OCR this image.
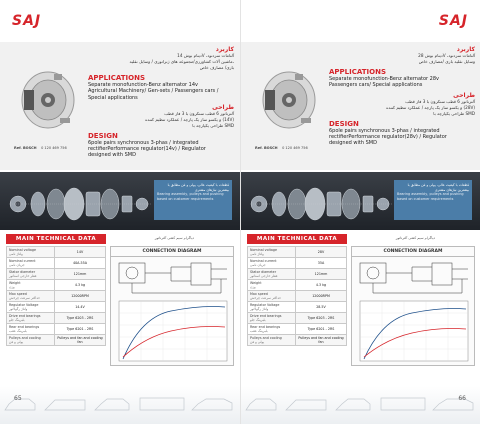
SAJ

Ref. BOSCH 0 120 469 756
کاربرد
دینام بوش 14V ،آلتامات سردنود
ماشین آلات کشاورزی/مجموعه های ژنراتوری / وسایل نقلیه،
باری/ مصارف خاص
APPLICATIONS
Separate monofunction-Benz alternator 14v
Agricultural Machinery/ Gen-sets / Passengers cars /
Special applications
طراحی
آلترناتور 6 قطب سنکرون با 3 فاز قطب
و یکسو ساز یک پارچه / عملکرد تنظیم کننده (14V)
طراحی یکپارچه با SMD
DESIGN
6pole pairs synchronous 3-phas / integrated
rectifierPerformance regulator(14v) / Regulator
designed with SMD
قطعات با کیفیت عالی، پولی و فن مطابق با بیشترین نیازهای مشتری
Bearing assembly, pulleys and pushing based on customer requirements
MAIN TECHNICAL DATA	دیاگرام سیم کشی آلترناتور
Nominal voltage
ولتاژ نامی	14V

Nominal current
جریان نامی	40A-55A

Stator diameter
قطر خارجی استاتور	121mm

Weight
وزن	4.3 kg

Max speed
حداکثر سرعت چرخش	12000RPM

Regulator Voltage
ولتاژ رگولاتور	14.4V

Drive end bearings
بلبرینگ جلو	Type 6203 - 2RS

Rear end bearings
بلبرینگ عقب	Type 6201 - 2RS

Pulleys and cooling
پولی و فن	Pulleys and fan and cooling fan
CONNECTION DIAGRAM
65
SAJ

Ref. BOSCH 0 120 469 756
کاربرد
دینام بوش 28V ،آلتامات سردنود
وسایل نقلیه باری /مصارف خاص
APPLICATIONS
Separate monofunction-Benz alternator 28v
Passengers cars/ Special applications
طراحی
آلترناتور 6 قطب سنکرون با 3 فاز قطب
و یکسو ساز یک پارچه / عملکرد تنظیم کننده (28V)
طراحی یکپارچه با SMD
DESIGN
6pole pairs synchronous 3-phas / integrated
rectifierPerformance regulator(28v) / Regulator
designed with SMD
قطعات با کیفیت عالی، پولی و فن مطابق با بیشترین نیازهای مشتری
Bearing assembly, pulleys and pushing based on customer requirements
MAIN TECHNICAL DATA	دیاگرام سیم کشی آلترناتور
Nominal voltage
ولتاژ نامی	28V

Nominal current
جریان نامی	35A

Stator diameter
قطر خارجی استاتور	121mm

Weight
وزن	4.3 kg

Max speed
حداکثر سرعت چرخش	12000RPM

Regulator Voltage
ولتاژ رگولاتور	28.5V

Drive end bearings
بلبرینگ جلو	Type 6203 - 2RS

Rear end bearings
بلبرینگ عقب	Type 6201 - 2RS

Pulleys and cooling
پولی و فن	Pulleys and fan and cooling fan
CONNECTION DIAGRAM
66
